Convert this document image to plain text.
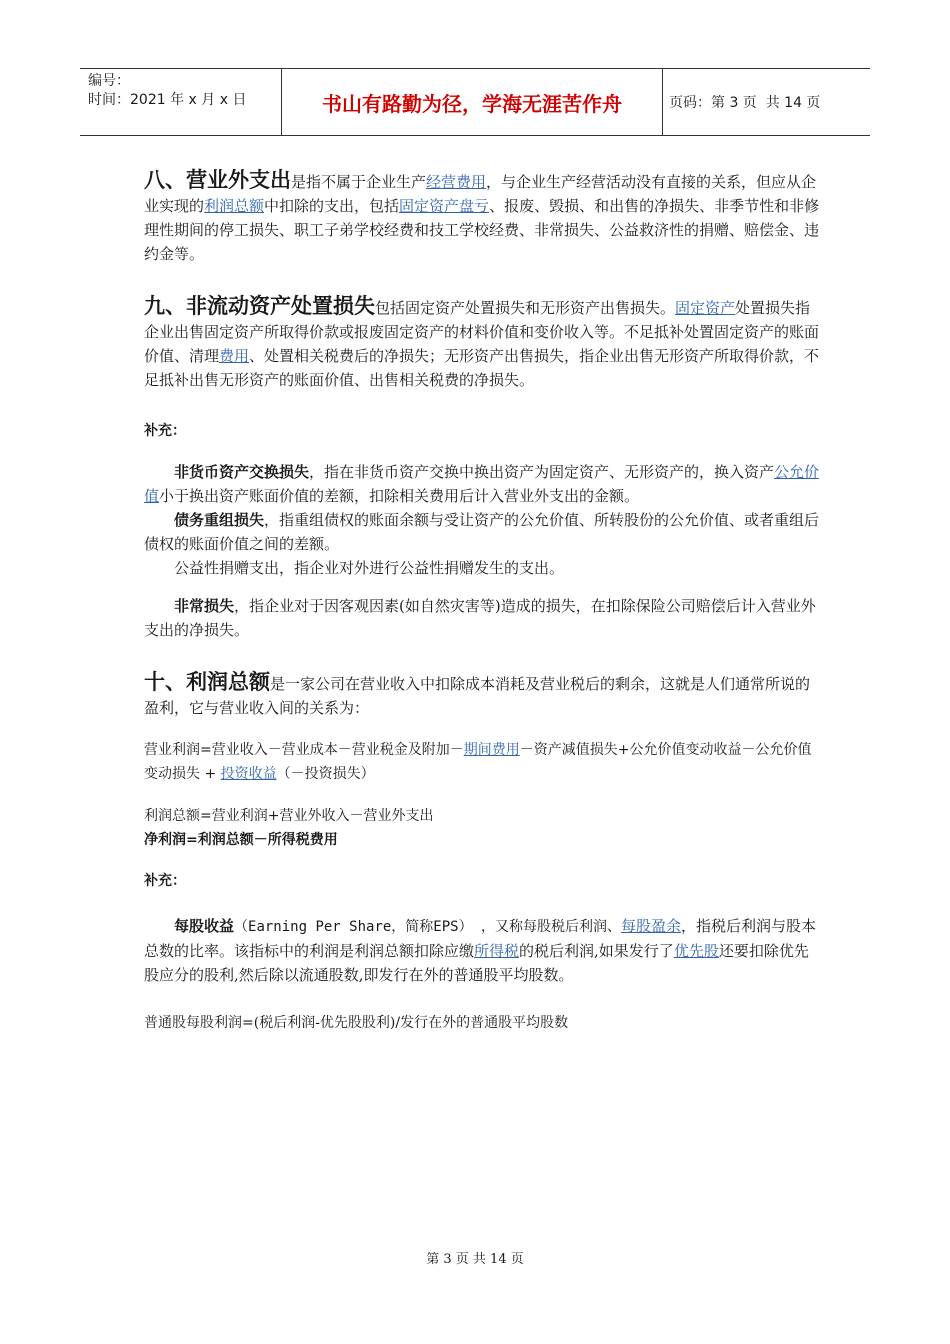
编号：
时间：2021 年 x 月 x 日	书山有路勤为径，学海无涯苦作舟	页码：第 3 页  共 14 页

八、营业外支出是指不属于企业生产经营费用，与企业生产经营活动没有直接的关系，但应从企业实现的利润总额中扣除的支出，包括固定资产盘亏、报废、毁损、和出售的净损失、非季节性和非修理性期间的停工损失、职工子弟学校经费和技工学校经费、非常损失、公益救济性的捐赠、赔偿金、违约金等。

九、非流动资产处置损失包括固定资产处置损失和无形资产出售损失。固定资产处置损失指企业出售固定资产所取得价款或报废固定资产的材料价值和变价收入等。不足抵补处置固定资产的账面价值、清理费用、处置相关税费后的净损失；无形资产出售损失，指企业出售无形资产所取得价款，不足抵补出售无形资产的账面价值、出售相关税费的净损失。

补充：

非货币资产交换损失，指在非货币资产交换中换出资产为固定资产、无形资产的，换入资产公允价值小于换出资产账面价值的差额，扣除相关费用后计入营业外支出的金额。

债务重组损失，指重组债权的账面余额与受让资产的公允价值、所转股份的公允价值、或者重组后债权的账面价值之间的差额。

公益性捐赠支出，指企业对外进行公益性捐赠发生的支出。

非常损失，指企业对于因客观因素(如自然灾害等)造成的损失，在扣除保险公司赔偿后计入营业外支出的净损失。

十、利润总额是一家公司在营业收入中扣除成本消耗及营业税后的剩余，这就是人们通常所说的盈利，它与营业收入间的关系为：

营业利润=营业收入－营业成本－营业税金及附加－期间费用－资产减值损失+公允价值变动收益－公允价值变动损失 + 投资收益（－投资损失）

利润总额=营业利润+营业外收入－营业外支出

净利润=利润总额－所得税费用

补充：

每股收益（Earning Per Share，简称EPS） ，又称每股税后利润、每股盈余，指税后利润与股本总数的比率。该指标中的利润是利润总额扣除应缴所得税的税后利润,如果发行了优先股还要扣除优先股应分的股利,然后除以流通股数,即发行在外的普通股平均股数。

普通股每股利润=(税后利润-优先股股利)/发行在外的普通股平均股数

第 3 页 共 14 页
